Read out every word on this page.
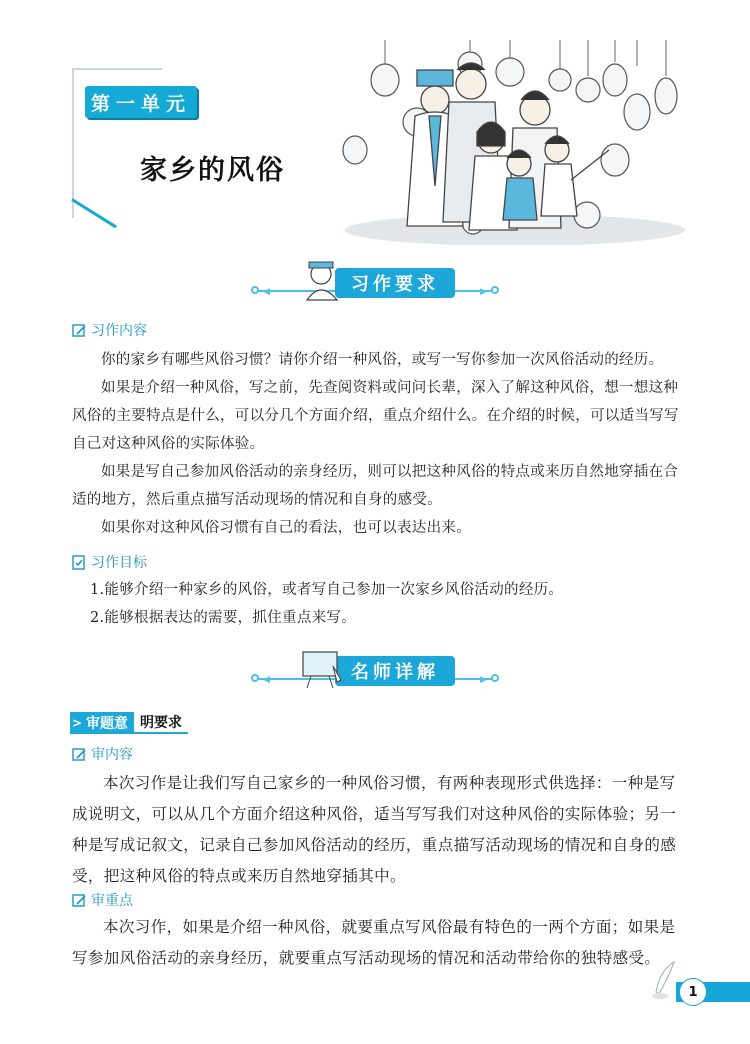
第一单元
家乡的风俗
◀	▶
习作要求
习作内容

你的家乡有哪些风俗习惯？请你介绍一种风俗，或写一写你参加一次风俗活动的经历。

如果是介绍一种风俗，写之前，先查阅资料或问问长辈，深入了解这种风俗，想一想这种风俗的主要特点是什么，可以分几个方面介绍，重点介绍什么。在介绍的时候，可以适当写写自己对这种风俗的实际体验。

如果是写自己参加风俗活动的亲身经历，则可以把这种风俗的特点或来历自然地穿插在合适的地方，然后重点描写活动现场的情况和自身的感受。

如果你对这种风俗习惯有自己的看法，也可以表达出来。

习作目标

1.能够介绍一种家乡的风俗，或者写自己参加一次家乡风俗活动的经历。

2.能够根据表达的需要，抓住重点来写。

◀	▶
名师详解
> 审题意 明要求
审内容

本次习作是让我们写自己家乡的一种风俗习惯，有两种表现形式供选择：一种是写成说明文，可以从几个方面介绍这种风俗，适当写写我们对这种风俗的实际体验；另一种是写成记叙文，记录自己参加风俗活动的经历，重点描写活动现场的情况和自身的感受，把这种风俗的特点或来历自然地穿插其中。

审重点

本次习作，如果是介绍一种风俗，就要重点写风俗最有特色的一两个方面；如果是写参加风俗活动的亲身经历，就要重点写活动现场的情况和活动带给你的独特感受。

1
